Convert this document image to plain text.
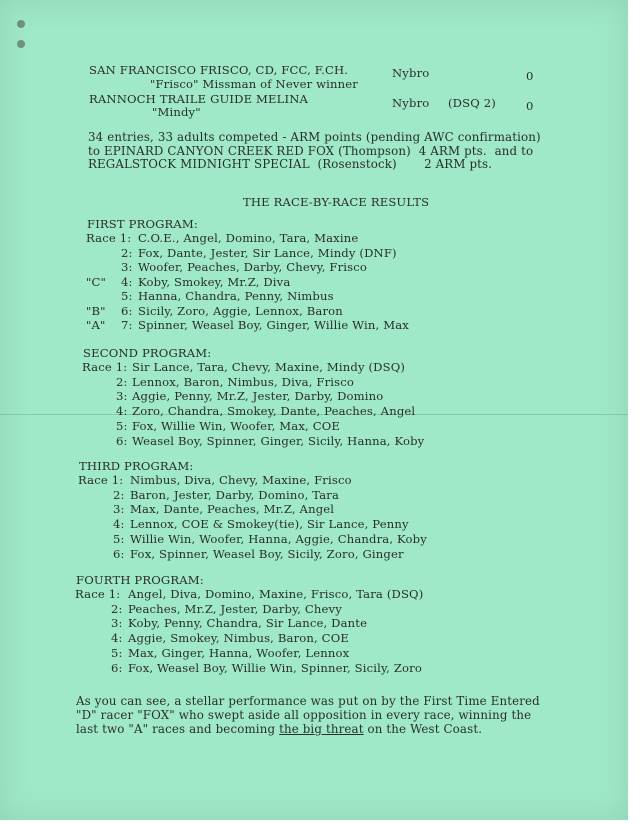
SAN FRANCISCO FRISCO, CD, FCC, F.CH.
"Frisco" Missman of Never winner
Nybro	0
RANNOCH TRAILE GUIDE MELINA
"Mindy"
Nybro (DSQ 2)	0
34 entries, 33 adults competed - ARM points (pending AWC confirmation)
to EPINARD CANYON CREEK RED FOX (Thompson)  4 ARM pts.  and to
REGALSTOCK MIDNIGHT SPECIAL  (Rosenstock)       2 ARM pts.
THE RACE-BY-RACE RESULTS
FIRST PROGRAM:
Race 1: C.O.E., Angel, Domino, Tara, Maxine
2: Fox, Dante, Jester, Sir Lance, Mindy (DNF)
3: Woofer, Peaches, Darby, Chevy, Frisco
"C" 4: Koby, Smokey, Mr.Z, Diva
5: Hanna, Chandra, Penny, Nimbus
"B" 6: Sicily, Zoro, Aggie, Lennox, Baron
"A" 7: Spinner, Weasel Boy, Ginger, Willie Win, Max
SECOND PROGRAM:
Race 1: Sir Lance, Tara, Chevy, Maxine, Mindy (DSQ)
2: Lennox, Baron, Nimbus, Diva, Frisco
3: Aggie, Penny, Mr.Z, Jester, Darby, Domino
4: Zoro, Chandra, Smokey, Dante, Peaches, Angel
5: Fox, Willie Win, Woofer, Max, COE
6: Weasel Boy, Spinner, Ginger, Sicily, Hanna, Koby
THIRD PROGRAM:
Race 1: Nimbus, Diva, Chevy, Maxine, Frisco
2: Baron, Jester, Darby, Domino, Tara
3: Max, Dante, Peaches, Mr.Z, Angel
4: Lennox, COE & Smokey(tie), Sir Lance, Penny
5: Willie Win, Woofer, Hanna, Aggie, Chandra, Koby
6: Fox, Spinner, Weasel Boy, Sicily, Zoro, Ginger
FOURTH PROGRAM:
Race 1: Angel, Diva, Domino, Maxine, Frisco, Tara (DSQ)
2: Peaches, Mr.Z, Jester, Darby, Chevy
3: Koby, Penny, Chandra, Sir Lance, Dante
4: Aggie, Smokey, Nimbus, Baron, COE
5: Max, Ginger, Hanna, Woofer, Lennox
6: Fox, Weasel Boy, Willie Win, Spinner, Sicily, Zoro
As you can see, a stellar performance was put on by the First Time Entered
"D" racer "FOX" who swept aside all opposition in every race, winning the
last two "A" races and becoming the big threat on the West Coast.
